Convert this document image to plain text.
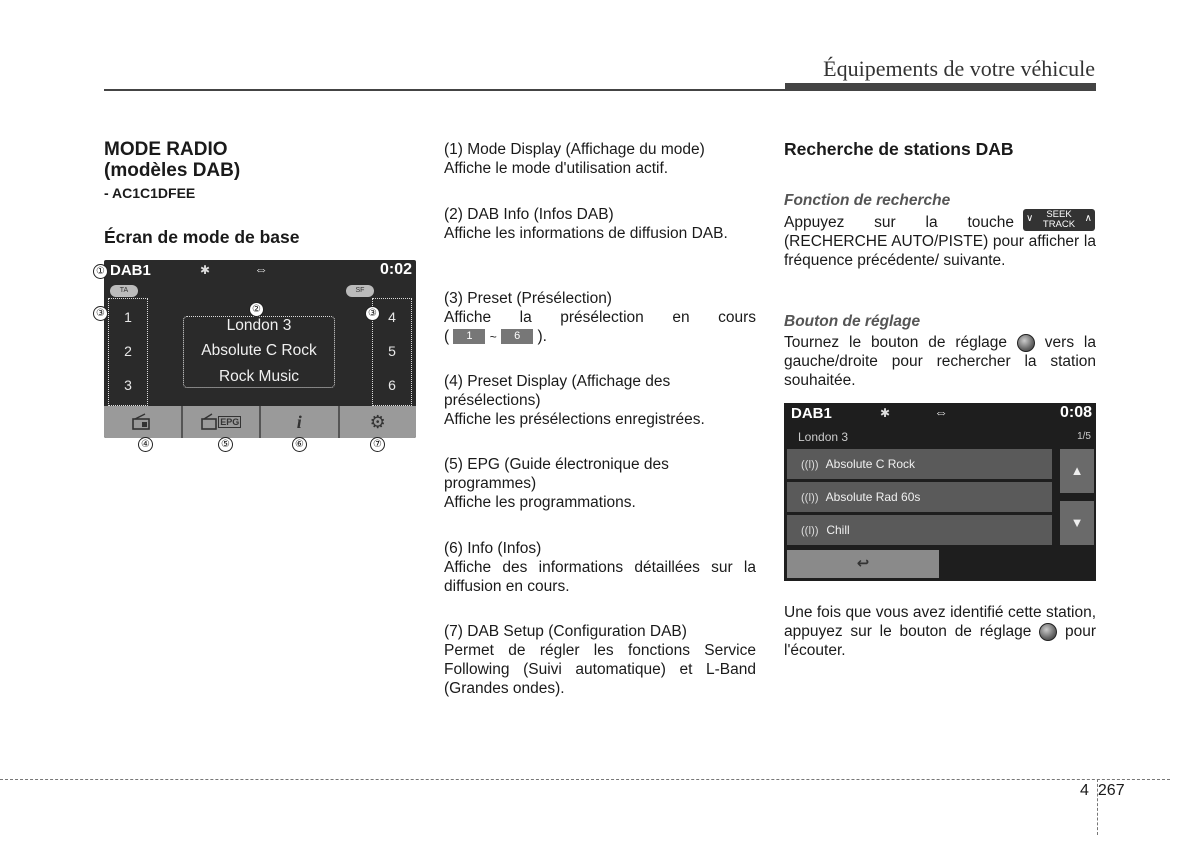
Équipements de votre véhicule
MODE RADIO
(modèles DAB)
- AC1C1DFEE
Écran de mode de base
DAB1	✱	⇔	0:02
TA	SF
1
2
3
4
5
6
London 3
Absolute C Rock
Rock Music
EPG	i	⚙
①
②
③	③
④	⑤	⑥	⑦

(1) Mode Display (Affichage du mode)

Affiche le mode d'utilisation actif.

(2) DAB Info (Infos DAB)

Affiche les informations de diffusion DAB.

(3) Preset (Présélection)

Affiche la présélection en cours

( 1 ~ 6 ).

(4) Preset Display (Affichage des présélections)

Affiche les présélections enregistrées.

(5) EPG (Guide électronique des programmes)

Affiche les programmations.

(6) Info (Infos)

Affiche des informations détaillées sur la diffusion en cours.

(7) DAB Setup (Configuration DAB)

Permet de régler les fonctions Service Following (Suivi automatique) et L-Band (Grandes ondes).

Recherche de stations DAB
Fonction de recherche
Appuyez sur la touche ∨	SEEK
TRACK
∧
(RECHERCHE AUTO/PISTE) pour afficher la fréquence précédente/ suivante.
Bouton de réglage
Tournez le bouton de réglage vers la gauche/droite pour rechercher la station souhaitée.
DAB1	✱	⇔	0:08
London 3	1/5
((ǀ)) Absolute C Rock
((ǀ)) Absolute Rad 60s
((ǀ)) Chill
▲
▼
↩
Une fois que vous avez identifié cette station, appuyez sur le bouton de réglage pour l'écouter.
4 267
